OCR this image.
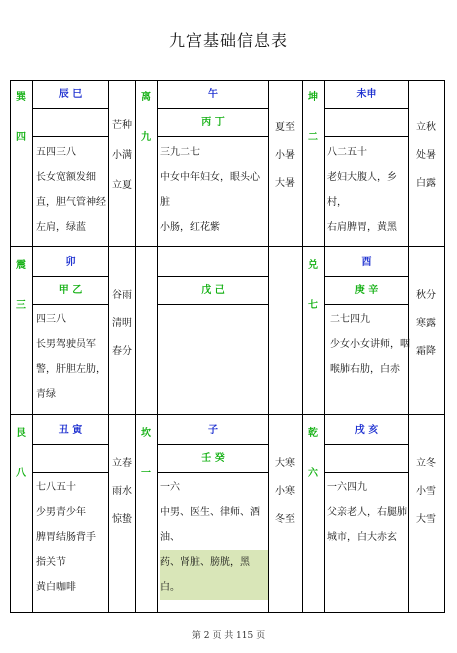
九宫基础信息表
巽
四
辰 巳
五四三八
长女宽额发细
直，胆气管神经
左肩，绿蓝
芒种
小满
立夏
离
九
午
丙 丁
三九二七
中女中年妇女，眼头心脏
小肠，红花紫
夏至
小暑
大暑
坤
二
未申
八二五十
老妇大腹人，乡村，
右肩脾胃，黄黑
立秋
处暑
白露
震
三
卯
甲 乙
四三八
长男驾驶员军
警，肝胆左肋，
青绿
谷雨
清明
春分
戊 己
兑
七
酉
庚 辛
二七四九
少女小女讲师，咽
喉肺右肋，白赤
秋分
寒露
霜降
艮
八
丑 寅
七八五十
少男青少年
脾胃结肠背手
指关节
黄白咖啡
立春
雨水
惊蛰
坎
一
子
壬 癸
一六
中男、医生、律师、酒油、
药、肾脏、膀胱，黑白。
大寒
小寒
冬至
乾
六
戌 亥
一六四九
父亲老人，右腿肺
城市，白大赤玄
立冬
小雪
大雪
第 2 页 共 115 页
